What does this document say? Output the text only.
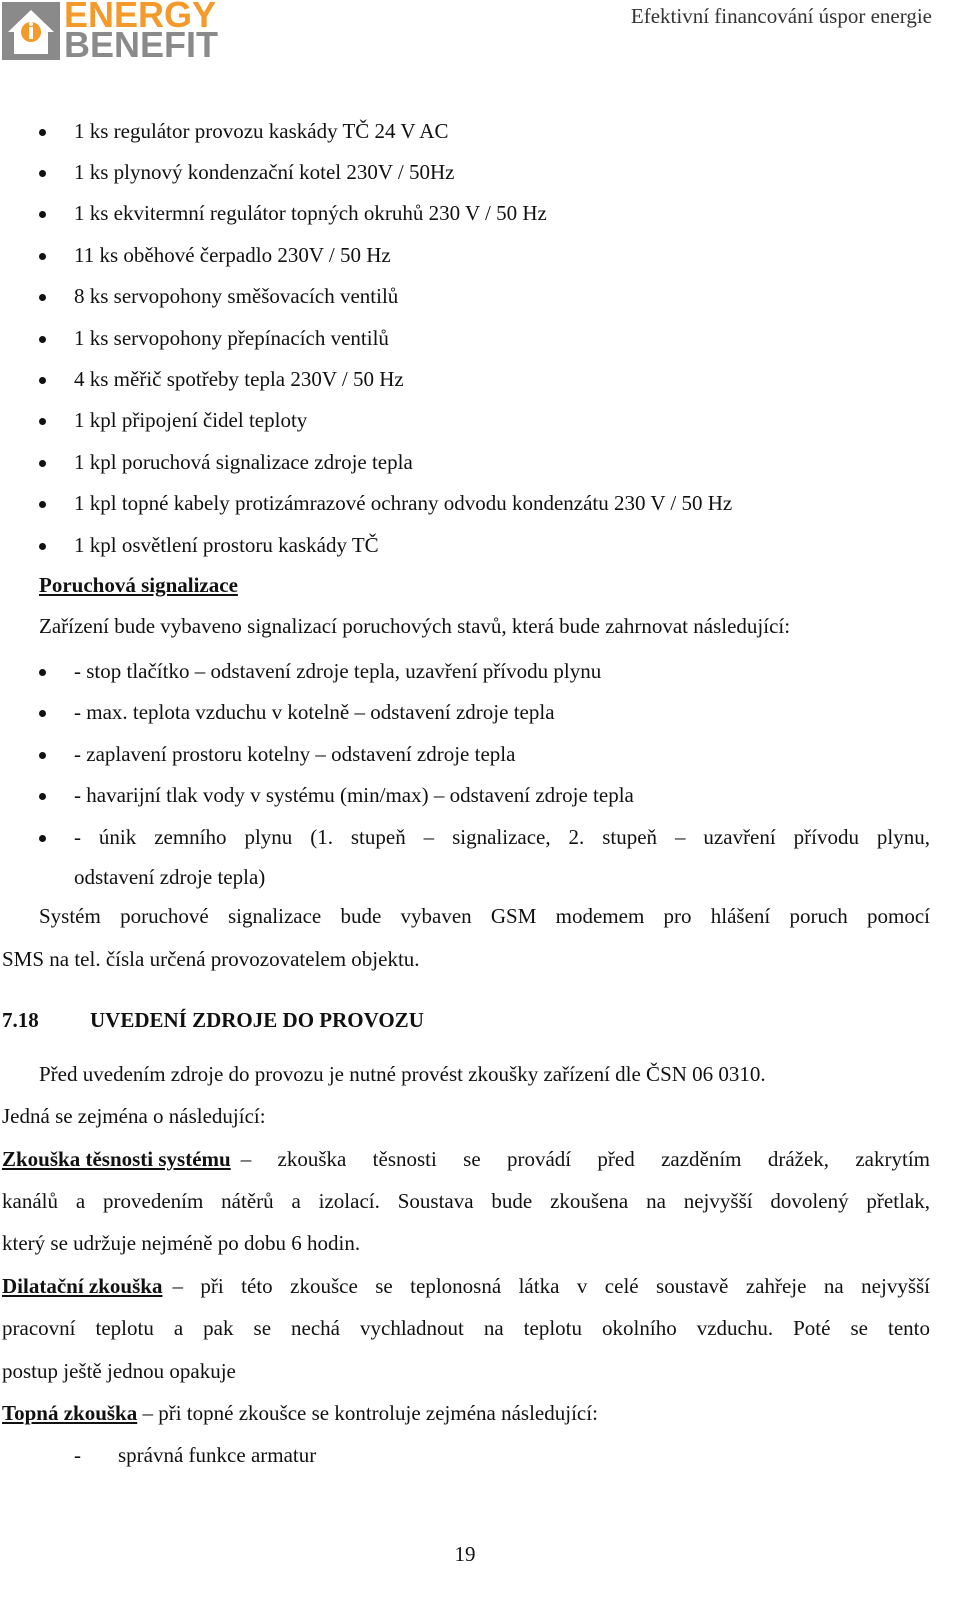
ENERGY
BENEFIT
Efektivní financování úspor energie
1 ks regulátor provozu kaskády TČ 24 V AC
1 ks plynový kondenzační kotel 230V / 50Hz
1 ks ekvitermní regulátor topných okruhů 230 V / 50 Hz
11 ks oběhové čerpadlo 230V / 50 Hz
8 ks servopohony směšovacích ventilů
1 ks servopohony přepínacích ventilů
4 ks měřič spotřeby tepla 230V / 50 Hz
1 kpl připojení čidel teploty
1 kpl poruchová signalizace zdroje tepla
1 kpl topné kabely protizámrazové ochrany odvodu kondenzátu 230 V / 50 Hz
1 kpl osvětlení prostoru kaskády TČ
Poruchová signalizace
Zařízení bude vybaveno signalizací poruchových stavů, která bude zahrnovat následující:
- stop tlačítko – odstavení zdroje tepla, uzavření přívodu plynu
- max. teplota vzduchu v kotelně – odstavení zdroje tepla
- zaplavení prostoru kotelny – odstavení zdroje tepla
- havarijní tlak vody v systému (min/max) – odstavení zdroje tepla
- únik zemního plynu (1. stupeň – signalizace, 2. stupeň – uzavření přívodu plynu,
odstavení zdroje tepla)
Systém poruchové signalizace bude vybaven GSM modemem pro hlášení poruch pomocí
SMS na tel. čísla určená provozovatelem objektu.
7.18 UVEDENÍ ZDROJE DO PROVOZU
Před uvedením zdroje do provozu je nutné provést zkoušky zařízení dle ČSN 06 0310.
Jedná se zejména o následující:
Zkouška těsnosti systému – zkouška těsnosti se provádí před zazděním drážek, zakrytím
kanálů a provedením nátěrů a izolací. Soustava bude zkoušena na nejvyšší dovolený přetlak,
který se udržuje nejméně po dobu 6 hodin.
Dilatační zkouška – při této zkoušce se teplonosná látka v celé soustavě zahřeje na nejvyšší
pracovní teplotu a pak se nechá vychladnout na teplotu okolního vzduchu. Poté se tento
postup ještě jednou opakuje
Topná zkouška – při topné zkoušce se kontroluje zejména následující:
- správná funkce armatur
19
